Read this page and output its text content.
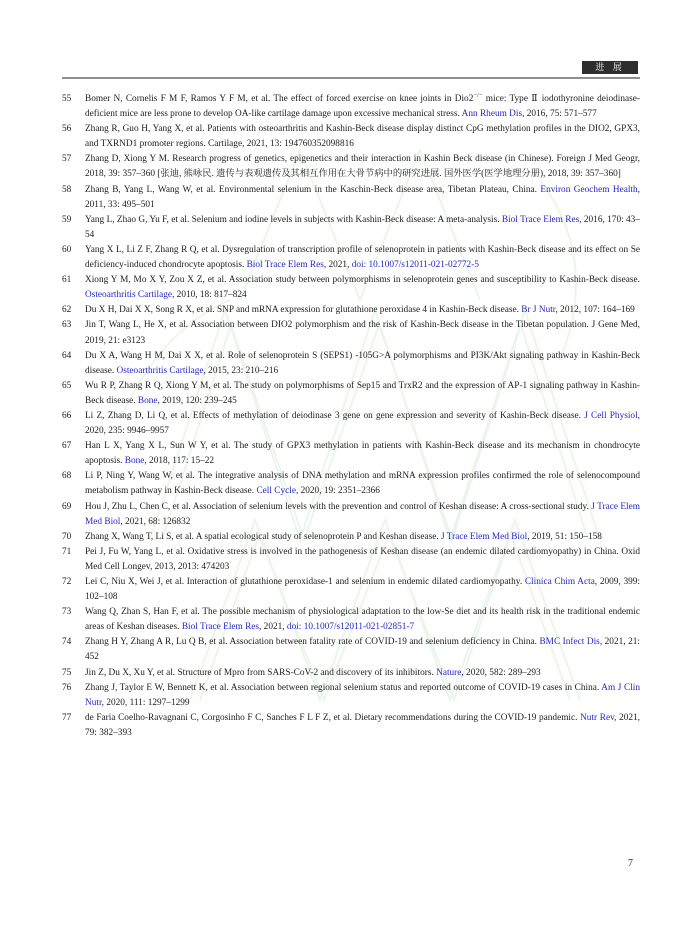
进 展
55 Bomer N, Cornelis F M F, Ramos Y F M, et al. The effect of forced exercise on knee joints in Dio2−/− mice: Type Ⅱ iodothyronine deiodinase-deficient mice are less prone to develop OA-like cartilage damage upon excessive mechanical stress. Ann Rheum Dis, 2016, 75: 571–577
56 Zhang R, Guo H, Yang X, et al. Patients with osteoarthritis and Kashin-Beck disease display distinct CpG methylation profiles in the DIO2, GPX3, and TXRND1 promoter regions. Cartilage, 2021, 13: 194760352098816
57 Zhang D, Xiong Y M. Research progress of genetics, epigenetics and their interaction in Kashin Beck disease (in Chinese). Foreign J Med Geogr, 2018, 39: 357–360 [张迪, 熊咏民. 遗传与表观遗传及其相互作用在大骨节病中的研究进展. 国外医学(医学地理分册), 2018, 39: 357–360]
58 Zhang B, Yang L, Wang W, et al. Environmental selenium in the Kaschin-Beck disease area, Tibetan Plateau, China. Environ Geochem Health, 2011, 33: 495–501
59 Yang L, Zhao G, Yu F, et al. Selenium and iodine levels in subjects with Kashin-Beck disease: A meta-analysis. Biol Trace Elem Res, 2016, 170: 43–54
60 Yang X L, Li Z F, Zhang R Q, et al. Dysregulation of transcription profile of selenoprotein in patients with Kashin-Beck disease and its effect on Se deficiency-induced chondrocyte apoptosis. Biol Trace Elem Res, 2021, doi: 10.1007/s12011-021-02772-5
61 Xiong Y M, Mo X Y, Zou X Z, et al. Association study between polymorphisms in selenoprotein genes and susceptibility to Kashin-Beck disease. Osteoarthritis Cartilage, 2010, 18: 817–824
62 Du X H, Dai X X, Song R X, et al. SNP and mRNA expression for glutathione peroxidase 4 in Kashin-Beck disease. Br J Nutr, 2012, 107: 164–169
63 Jin T, Wang L, He X, et al. Association between DIO2 polymorphism and the risk of Kashin-Beck disease in the Tibetan population. J Gene Med, 2019, 21: e3123
64 Du X A, Wang H M, Dai X X, et al. Role of selenoprotein S (SEPS1) -105G>A polymorphisms and PI3K/Akt signaling pathway in Kashin-Beck disease. Osteoarthritis Cartilage, 2015, 23: 210–216
65 Wu R P, Zhang R Q, Xiong Y M, et al. The study on polymorphisms of Sep15 and TrxR2 and the expression of AP-1 signaling pathway in Kashin-Beck disease. Bone, 2019, 120: 239–245
66 Li Z, Zhang D, Li Q, et al. Effects of methylation of deiodinase 3 gene on gene expression and severity of Kashin-Beck disease. J Cell Physiol, 2020, 235: 9946–9957
67 Han L X, Yang X L, Sun W Y, et al. The study of GPX3 methylation in patients with Kashin-Beck disease and its mechanism in chondrocyte apoptosis. Bone, 2018, 117: 15–22
68 Li P, Ning Y, Wang W, et al. The integrative analysis of DNA methylation and mRNA expression profiles confirmed the role of selenocompound metabolism pathway in Kashin-Beck disease. Cell Cycle, 2020, 19: 2351–2366
69 Hou J, Zhu L, Chen C, et al. Association of selenium levels with the prevention and control of Keshan disease: A cross-sectional study. J Trace Elem Med Biol, 2021, 68: 126832
70 Zhang X, Wang T, Li S, et al. A spatial ecological study of selenoprotein P and Keshan disease. J Trace Elem Med Biol, 2019, 51: 150–158
71 Pei J, Fu W, Yang L, et al. Oxidative stress is involved in the pathogenesis of Keshan disease (an endemic dilated cardiomyopathy) in China. Oxid Med Cell Longev, 2013, 2013: 474203
72 Lei C, Niu X, Wei J, et al. Interaction of glutathione peroxidase-1 and selenium in endemic dilated cardiomyopathy. Clinica Chim Acta, 2009, 399: 102–108
73 Wang Q, Zhan S, Han F, et al. The possible mechanism of physiological adaptation to the low-Se diet and its health risk in the traditional endemic areas of Keshan diseases. Biol Trace Elem Res, 2021, doi: 10.1007/s12011-021-02851-7
74 Zhang H Y, Zhang A R, Lu Q B, et al. Association between fatality rate of COVID-19 and selenium deficiency in China. BMC Infect Dis, 2021, 21: 452
75 Jin Z, Du X, Xu Y, et al. Structure of Mpro from SARS-CoV-2 and discovery of its inhibitors. Nature, 2020, 582: 289–293
76 Zhang J, Taylor E W, Bennett K, et al. Association between regional selenium status and reported outcome of COVID-19 cases in China. Am J Clin Nutr, 2020, 111: 1297–1299
77 de Faria Coelho-Ravagnani C, Corgosinho F C, Sanches F L F Z, et al. Dietary recommendations during the COVID-19 pandemic. Nutr Rev, 2021, 79: 382–393
7
